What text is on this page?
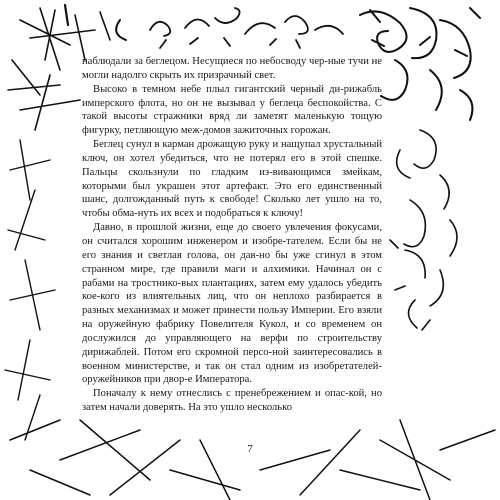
наблюдали за беглецом. Несущиеся по небосводу чер-ные тучи не могли надолго скрыть их призрачный свет.

Высоко в темном небе плыл гигантский черный ди-рижабль имперского флота, но он не вызывал у беглеца беспокойства. С такой высоты стражники вряд ли заметят маленькую тощую фигурку, петляющую меж-домов зажиточных горожан.

Беглец сунул в карман дрожащую руку и нащупал хрустальный ключ, он хотел убедиться, что не потерял его в этой спешке. Пальцы скользнули по гладким из-вивающимся змейкам, которыми был украшен этот артефакт. Это его единственный шанс, долгожданный путь к свободе! Сколько лет ушло на то, чтобы обма-нуть их всех и подобраться к ключу!

Давно, в прошлой жизни, еще до своего увлечения фокусами, он считался хорошим инженером и изобре-тателем. Если бы не его знания и светлая голова, он дав-но бы уже сгинул в этом странном мире, где правили маги и алхимики. Начинал он с рабами на тростнико-вых плантациях, затем ему удалось убедить кое-кого из влиятельных лиц, что он неплохо разбирается в разных механизмах и может принести пользу Империи. Его взяли на оружейную фабрику Повелителя Кукол, и со временем он дослужился до управляющего на верфи по строительству дирижаблей. Потом его скромной персо-ной заинтересовались в военном министерстве, и так он стал одним из изобретателей-оружейников при двор-е Императора.

Поначалу к нему отнеслись с пренебрежением и опас-кой, но затем начали доверять. На это ушло несколько

7
